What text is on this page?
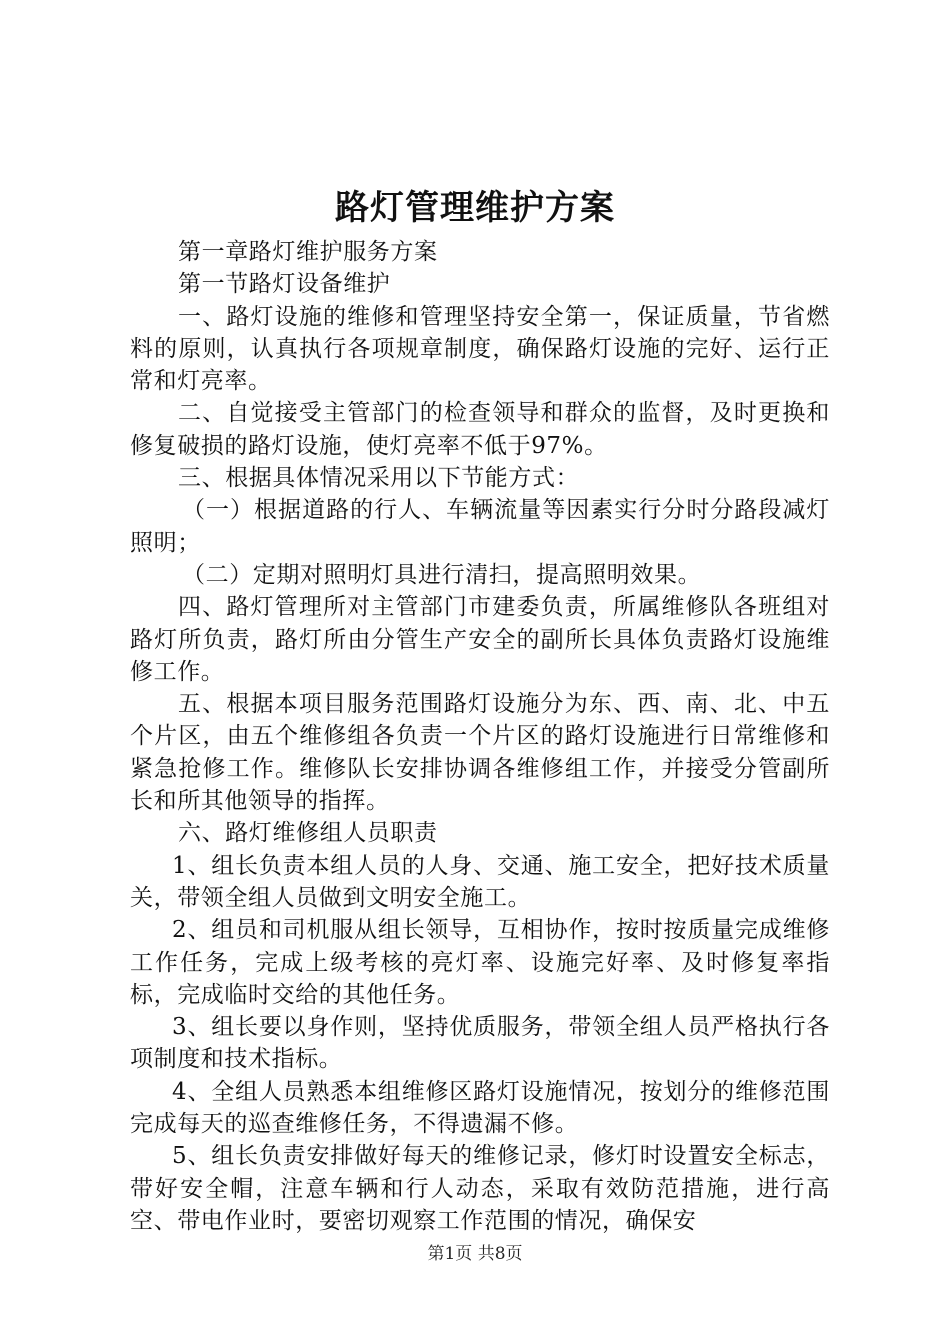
路灯管理维护方案

第一章路灯维护服务方案

第一节路灯设备维护

一、路灯设施的维修和管理坚持安全第一，保证质量，节省燃料的原则，认真执行各项规章制度，确保路灯设施的完好、运行正常和灯亮率。

二、自觉接受主管部门的检查领导和群众的监督，及时更换和修复破损的路灯设施，使灯亮率不低于97%。

三、根据具体情况采用以下节能方式：

（一）根据道路的行人、车辆流量等因素实行分时分路段减灯照明；

（二）定期对照明灯具进行清扫，提高照明效果。

四、路灯管理所对主管部门市建委负责，所属维修队各班组对路灯所负责，路灯所由分管生产安全的副所长具体负责路灯设施维修工作。

五、根据本项目服务范围路灯设施分为东、西、南、北、中五个片区，由五个维修组各负责一个片区的路灯设施进行日常维修和紧急抢修工作。维修队长安排协调各维修组工作，并接受分管副所长和所其他领导的指挥。

六、路灯维修组人员职责

1、组长负责本组人员的人身、交通、施工安全，把好技术质量关，带领全组人员做到文明安全施工。

2、组员和司机服从组长领导，互相协作，按时按质量完成维修工作任务，完成上级考核的亮灯率、设施完好率、及时修复率指标，完成临时交给的其他任务。

3、组长要以身作则，坚持优质服务，带领全组人员严格执行各项制度和技术指标。

4、全组人员熟悉本组维修区路灯设施情况，按划分的维修范围完成每天的巡查维修任务，不得遗漏不修。

5、组长负责安排做好每天的维修记录，修灯时设置安全标志，带好安全帽，注意车辆和行人动态，采取有效防范措施，进行高空、带电作业时，要密切观察工作范围的情况，确保安

第1页 共8页
